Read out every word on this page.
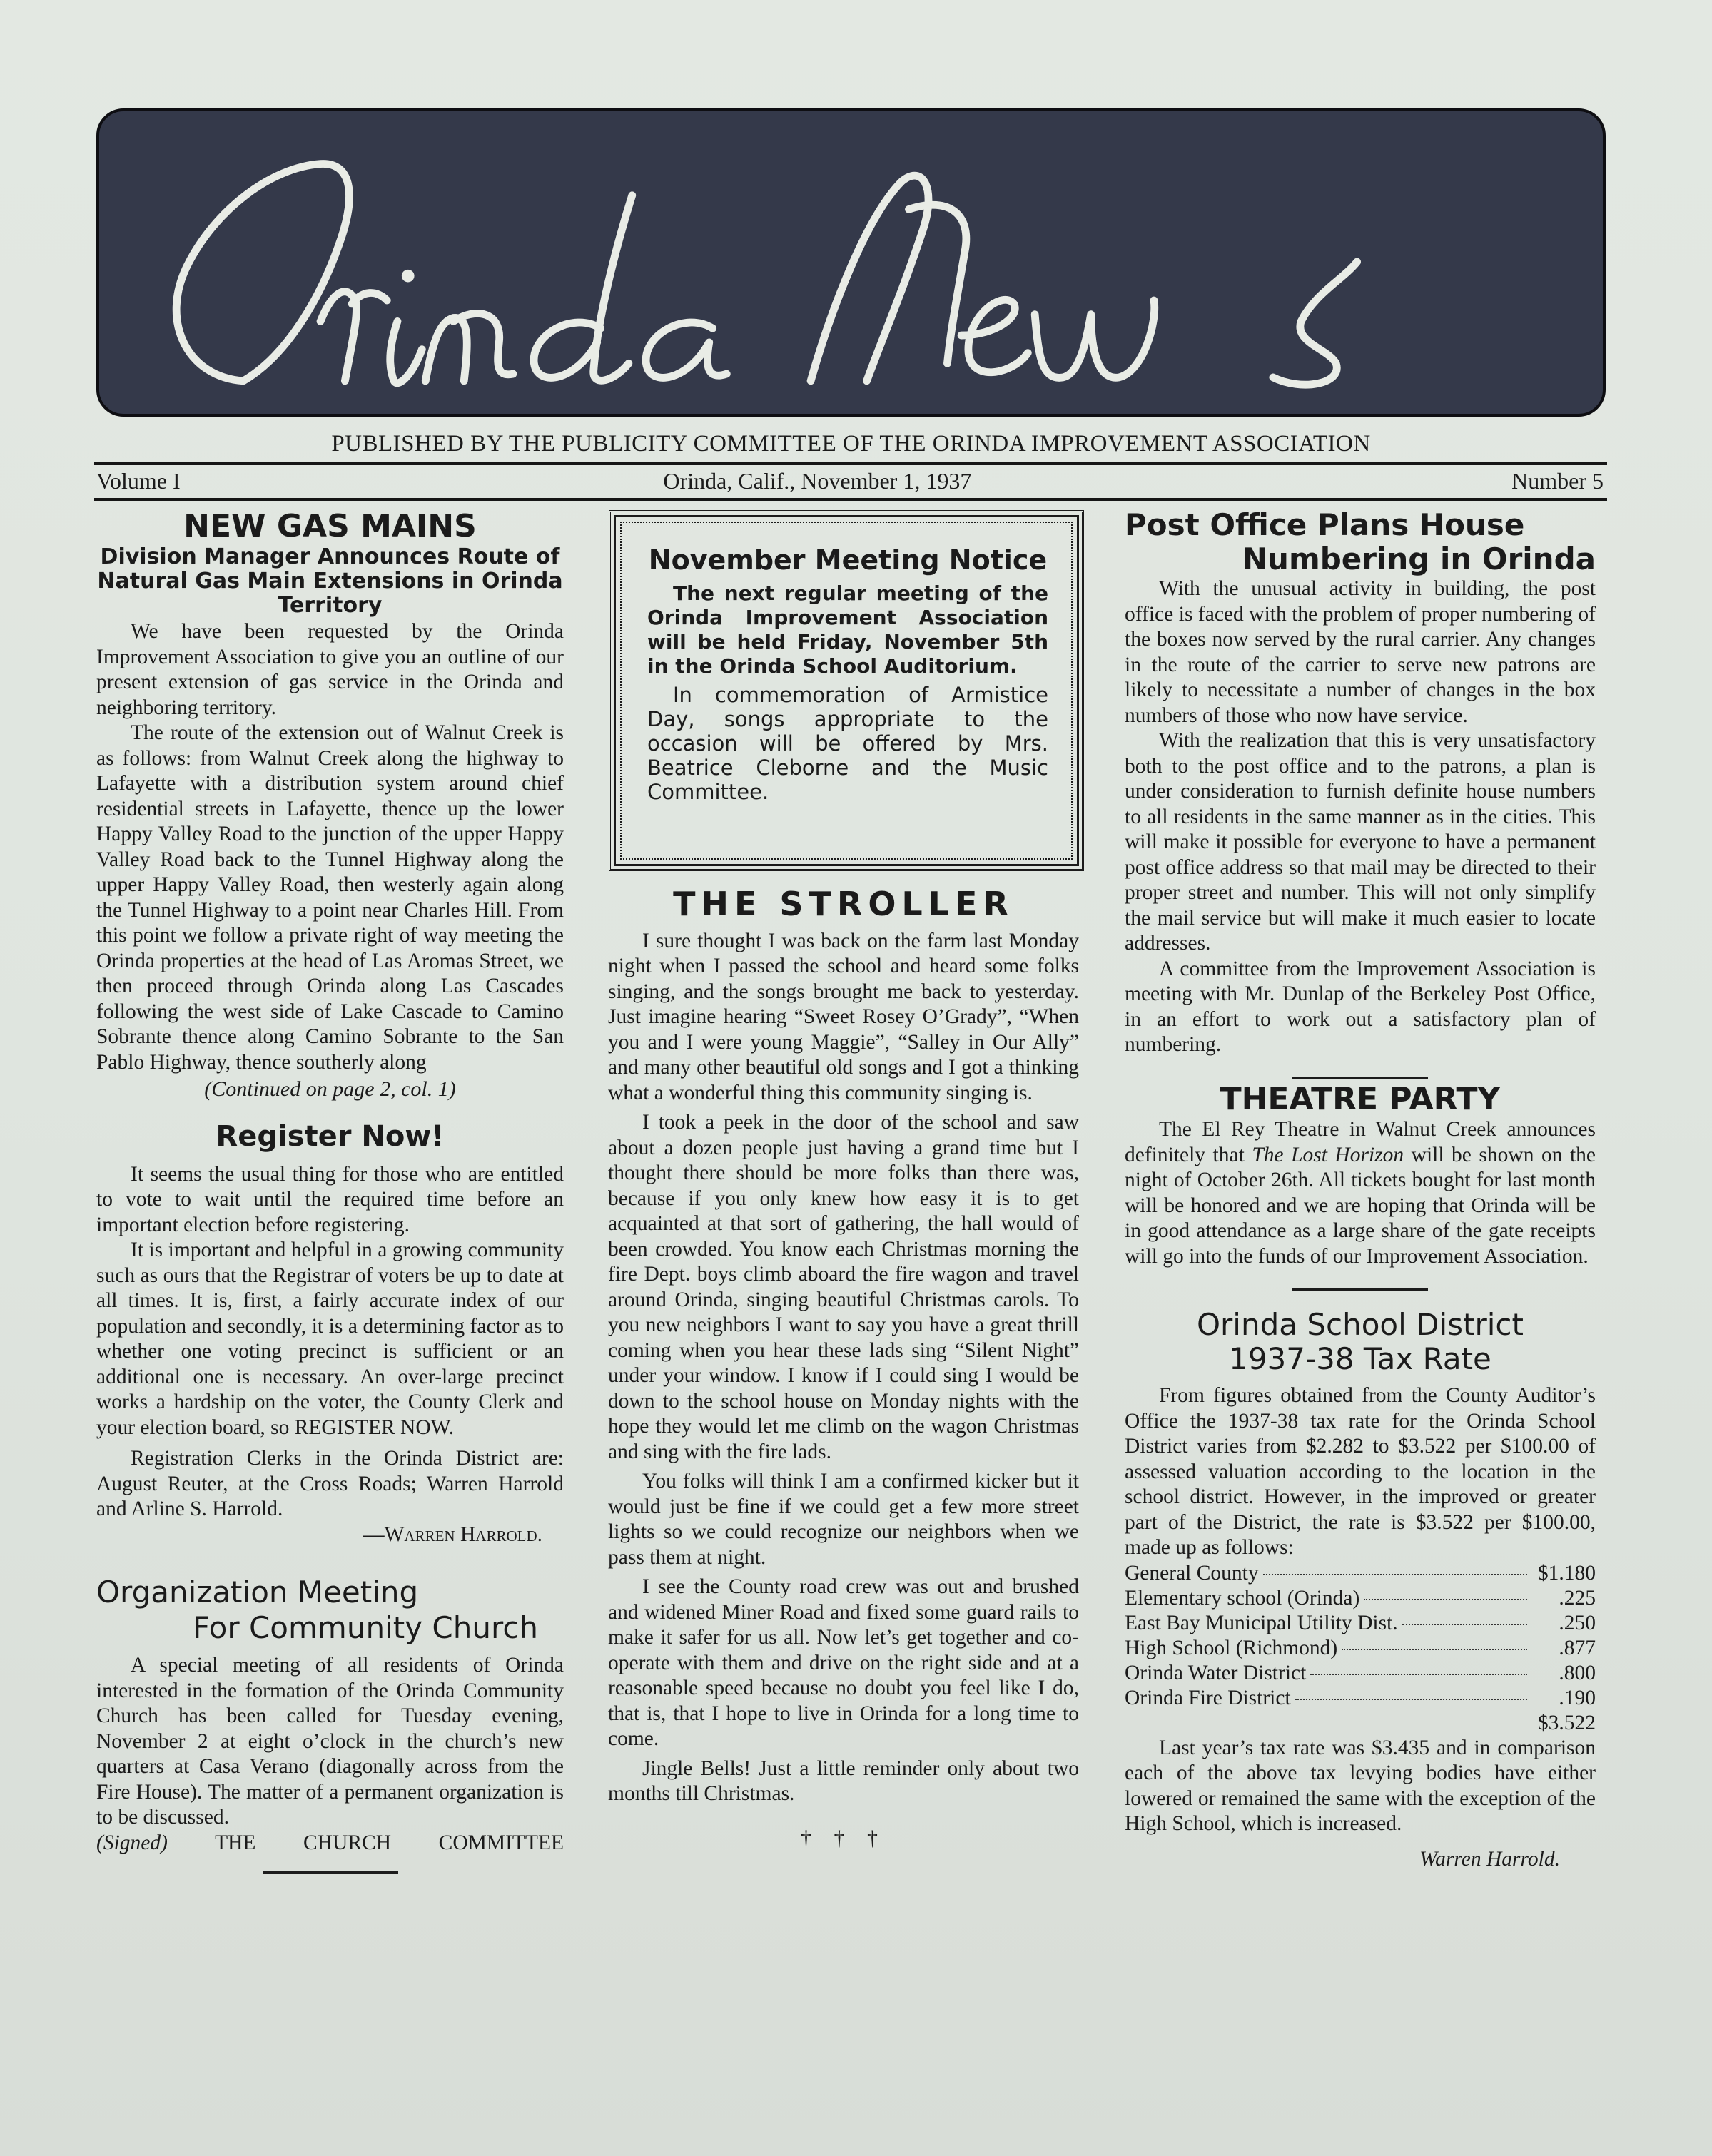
PUBLISHED BY THE PUBLICITY COMMITTEE OF THE ORINDA IMPROVEMENT ASSOCIATION
Volume I	Orinda, Calif., November 1, 1937	Number 5
NEW GAS MAINS
Division Manager Announces Route of Natural Gas Main Extensions in Orinda Territory

We have been requested by the Orinda Improvement Association to give you an outline of our present extension of gas service in the Orinda and neighboring territory.

The route of the extension out of Walnut Creek is as follows: from Walnut Creek along the highway to Lafayette with a distribution system around chief residential streets in Lafayette, thence up the lower Happy Valley Road to the junction of the upper Happy Valley Road back to the Tunnel Highway along the upper Happy Valley Road, then westerly again along the Tunnel Highway to a point near Charles Hill. From this point we follow a private right of way meeting the Orinda properties at the head of Las Aromas Street, we then proceed through Orinda along Las Cascades following the west side of Lake Cascade to Camino Sobrante thence along Camino Sobrante to the San Pablo Highway, thence southerly along

(Continued on page 2, col. 1)

Register Now!

It seems the usual thing for those who are entitled to vote to wait until the required time before an important election before registering.

It is important and helpful in a growing community such as ours that the Registrar of voters be up to date at all times. It is, first, a fairly accurate index of our population and secondly, it is a determining factor as to whether one voting precinct is sufficient or an additional one is necessary. An over-large precinct works a hardship on the voter, the County Clerk and your election board, so REGISTER NOW.

Registration Clerks in the Orinda District are: August Reuter, at the Cross Roads; Warren Harrold and Arline S. Harrold.

—Warren Harrold.

Organization Meeting
For Community Church

A special meeting of all residents of Orinda interested in the formation of the Orinda Community Church has been called for Tuesday evening, November 2 at eight o’clock in the church’s new quarters at Casa Verano (diagonally across from the Fire House). The matter of a permanent organization is to be discussed.

(Signed) THE CHURCH COMMITTEE

November Meeting Notice

The next regular meeting of the Orinda Improvement Association will be held Friday, November 5th in the Orinda School Auditorium.

In commemoration of Armistice Day, songs appropriate to the occasion will be offered by Mrs. Beatrice Cleborne and the Music Committee.

THE STROLLER

I sure thought I was back on the farm last Monday night when I passed the school and heard some folks singing, and the songs brought me back to yesterday. Just imagine hearing “Sweet Rosey O’Grady”, “When you and I were young Maggie”, “Salley in Our Ally” and many other beautiful old songs and I got a thinking what a wonderful thing this community singing is.

I took a peek in the door of the school and saw about a dozen people just having a grand time but I thought there should be more folks than there was, because if you only knew how easy it is to get acquainted at that sort of gathering, the hall would of been crowded. You know each Christmas morning the fire Dept. boys climb aboard the fire wagon and travel around Orinda, singing beautiful Christmas carols. To you new neighbors I want to say you have a great thrill coming when you hear these lads sing “Silent Night” under your window. I know if I could sing I would be down to the school house on Monday nights with the hope they would let me climb on the wagon Christmas and sing with the fire lads.

You folks will think I am a confirmed kicker but it would just be fine if we could get a few more street lights so we could recognize our neighbors when we pass them at night.

I see the County road crew was out and brushed and widened Miner Road and fixed some guard rails to make it safer for us all. Now let’s get together and co-operate with them and drive on the right side and at a reasonable speed because no doubt you feel like I do, that is, that I hope to live in Orinda for a long time to come.

Jingle Bells! Just a little reminder only about two months till Christmas.

† † †
Post Office Plans House
Numbering in Orinda

With the unusual activity in building, the post office is faced with the problem of proper numbering of the boxes now served by the rural carrier. Any changes in the route of the carrier to serve new patrons are likely to necessitate a number of changes in the box numbers of those who now have service.

With the realization that this is very unsatisfactory both to the post office and to the patrons, a plan is under consideration to furnish definite house numbers to all residents in the same manner as in the cities. This will make it possible for everyone to have a permanent post office address so that mail may be directed to their proper street and number. This will not only simplify the mail service but will make it much easier to locate addresses.

A committee from the Improvement Association is meeting with Mr. Dunlap of the Berkeley Post Office, in an effort to work out a satisfactory plan of numbering.

THEATRE PARTY

The El Rey Theatre in Walnut Creek announces definitely that The Lost Horizon will be shown on the night of October 26th. All tickets bought for last month will be honored and we are hoping that Orinda will be in good attendance as a large share of the gate receipts will go into the funds of our Improvement Association.

Orinda School District
1937-38 Tax Rate

From figures obtained from the County Auditor’s Office the 1937-38 tax rate for the Orinda School District varies from $2.282 to $3.522 per $100.00 of assessed valuation according to the location in the school district. However, in the improved or greater part of the District, the rate is $3.522 per $100.00, made up as follows:

General County	$1.180
Elementary school (Orinda)	.225
East Bay Municipal Utility Dist.	.250
High School (Richmond)	.877
Orinda Water District	.800
Orinda Fire District	.190
$3.522

Last year’s tax rate was $3.435 and in comparison each of the above tax levying bodies have either lowered or remained the same with the exception of the High School, which is increased.

Warren Harrold.
